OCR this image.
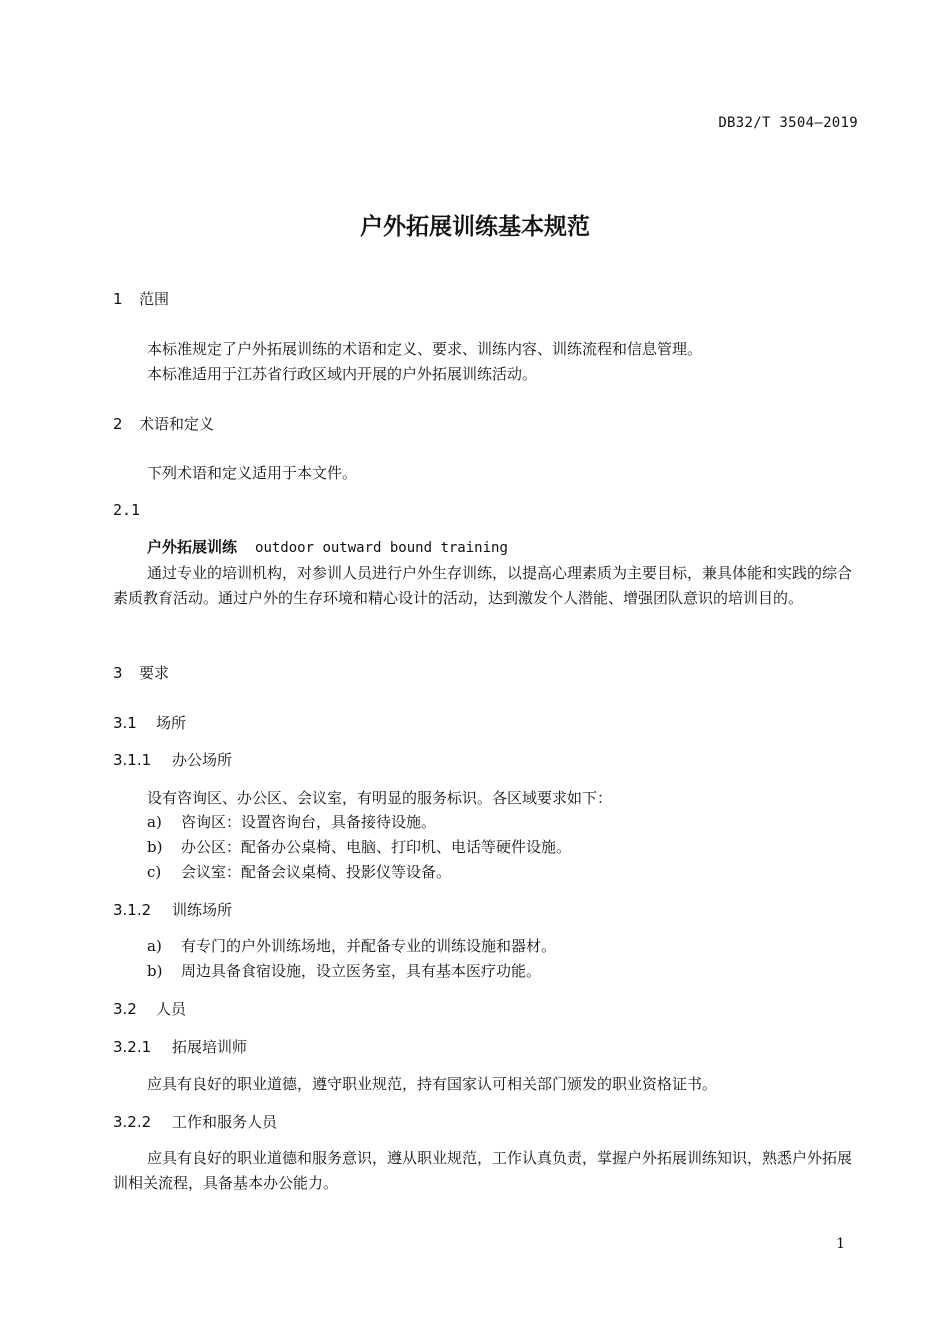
DB32/T 3504—2019
户外拓展训练基本规范
1 范围
本标准规定了户外拓展训练的术语和定义、要求、训练内容、训练流程和信息管理。
本标准适用于江苏省行政区域内开展的户外拓展训练活动。
2 术语和定义
下列术语和定义适用于本文件。
2.1
户外拓展训练 outdoor outward bound training
通过专业的培训机构，对参训人员进行户外生存训练，以提高心理素质为主要目标，兼具体能和实践的综合素质教育活动。通过户外的生存环境和精心设计的活动，达到激发个人潜能、增强团队意识的培训目的。
3 要求
3.1 场所
3.1.1 办公场所
设有咨询区、办公区、会议室，有明显的服务标识。各区域要求如下：
a) 咨询区：设置咨询台，具备接待设施。
b) 办公区：配备办公桌椅、电脑、打印机、电话等硬件设施。
c) 会议室：配备会议桌椅、投影仪等设备。
3.1.2 训练场所
a) 有专门的户外训练场地，并配备专业的训练设施和器材。
b) 周边具备食宿设施，设立医务室，具有基本医疗功能。
3.2 人员
3.2.1 拓展培训师
应具有良好的职业道德，遵守职业规范，持有国家认可相关部门颁发的职业资格证书。
3.2.2 工作和服务人员
应具有良好的职业道德和服务意识，遵从职业规范，工作认真负责，掌握户外拓展训练知识，熟悉户外拓展训相关流程，具备基本办公能力。
1
